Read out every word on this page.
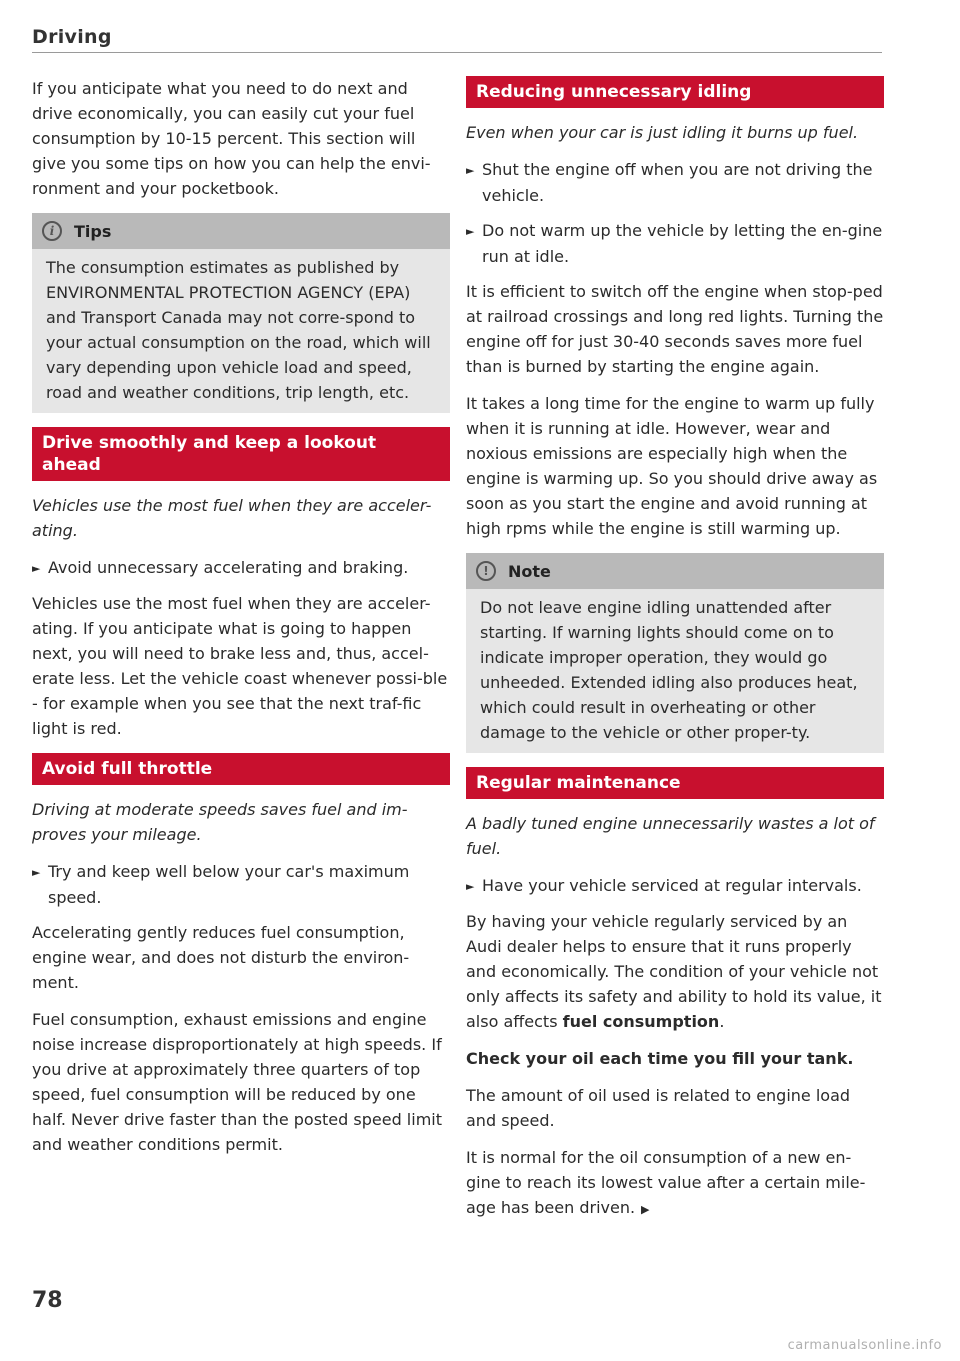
Driving

If you anticipate what you need to do next and drive economically, you can easily cut your fuel consumption by 10-15 percent. This section will give you some tips on how you can help the envi-ronment and your pocketbook.

i	Tips
The consumption estimates as published by ENVIRONMENTAL PROTECTION AGENCY (EPA) and Transport Canada may not corre-spond to your actual consumption on the road, which will vary depending upon vehicle load and speed, road and weather conditions, trip length, etc.
Drive smoothly and keep a lookout ahead

Vehicles use the most fuel when they are acceler-ating.

► Avoid unnecessary accelerating and braking.

Vehicles use the most fuel when they are acceler-ating. If you anticipate what is going to happen next, you will need to brake less and, thus, accel-erate less. Let the vehicle coast whenever possi-ble - for example when you see that the next traf-fic light is red.

Avoid full throttle

Driving at moderate speeds saves fuel and im-proves your mileage.

► Try and keep well below your car's maximum speed.

Accelerating gently reduces fuel consumption, engine wear, and does not disturb the environ-ment.

Fuel consumption, exhaust emissions and engine noise increase disproportionately at high speeds. If you drive at approximately three quarters of top speed, fuel consumption will be reduced by one half. Never drive faster than the posted speed limit and weather conditions permit.

Reducing unnecessary idling

Even when your car is just idling it burns up fuel.

► Shut the engine off when you are not driving the vehicle.

► Do not warm up the vehicle by letting the en-gine run at idle.

It is efficient to switch off the engine when stop-ped at railroad crossings and long red lights. Turning the engine off for just 30-40 seconds saves more fuel than is burned by starting the engine again.

It takes a long time for the engine to warm up fully when it is running at idle. However, wear and noxious emissions are especially high when the engine is warming up. So you should drive away as soon as you start the engine and avoid running at high rpms while the engine is still warming up.

!	Note
Do not leave engine idling unattended after starting. If warning lights should come on to indicate improper operation, they would go unheeded. Extended idling also produces heat, which could result in overheating or other damage to the vehicle or other proper-ty.
Regular maintenance

A badly tuned engine unnecessarily wastes a lot of fuel.

► Have your vehicle serviced at regular intervals.

By having your vehicle regularly serviced by an Audi dealer helps to ensure that it runs properly and economically. The condition of your vehicle not only affects its safety and ability to hold its value, it also affects fuel consumption.

Check your oil each time you fill your tank.

The amount of oil used is related to engine load and speed.

It is normal for the oil consumption of a new en-gine to reach its lowest value after a certain mile-age has been driven. ▶

78
carmanualsonline.info
